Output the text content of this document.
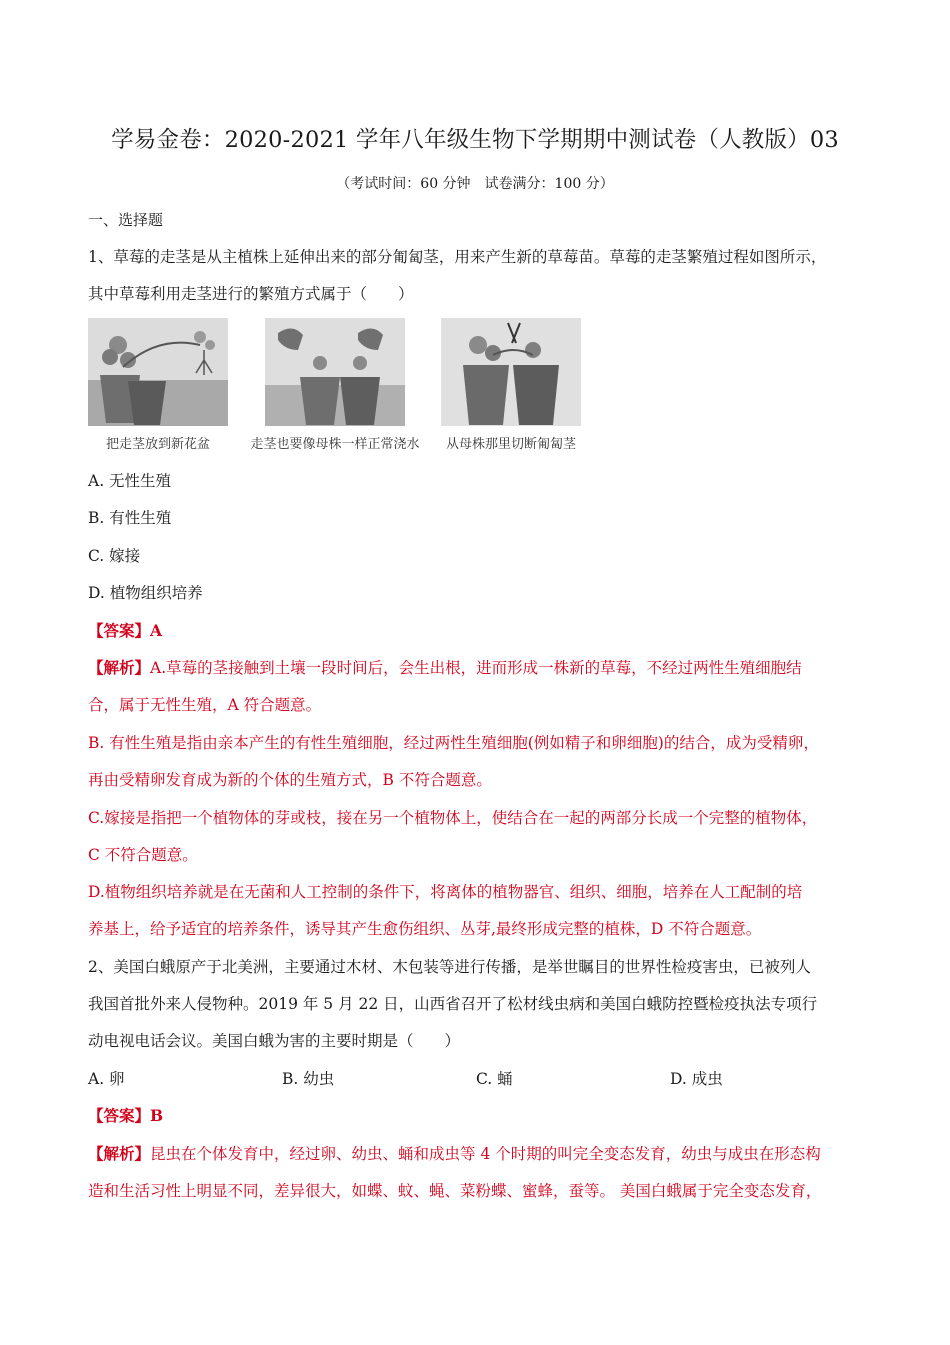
学易金卷：2020-2021 学年八年级生物下学期期中测试卷（人教版）03
（考试时间：60 分钟　试卷满分：100 分）
一、选择题
1、草莓的走茎是从主植株上延伸出来的部分匍匐茎，用来产生新的草莓苗。草莓的走茎繁殖过程如图所示，
其中草莓利用走茎进行的繁殖方式属于（　　）
把走茎放到新花盆	走茎也要像母株一样正常浇水 从母株那里切断匍匐茎
A. 无性生殖
B. 有性生殖
C. 嫁接
D. 植物组织培养
【答案】A
【解析】A.草莓的茎接触到土壤一段时间后，会生出根，进而形成一株新的草莓，不经过两性生殖细胞结
合，属于无性生殖，A 符合题意。
B. 有性生殖是指由亲本产生的有性生殖细胞，经过两性生殖细胞(例如精子和卵细胞)的结合，成为受精卵，
再由受精卵发育成为新的个体的生殖方式，B 不符合题意。
C.嫁接是指把一个植物体的芽或枝，接在另一个植物体上，使结合在一起的两部分长成一个完整的植物体，
C 不符合题意。
D.植物组织培养就是在无菌和人工控制的条件下，将离体的植物器官、组织、细胞，培养在人工配制的培
养基上，给予适宜的培养条件，诱导其产生愈伤组织、丛芽,最终形成完整的植株，D 不符合题意。
2、美国白蛾原产于北美洲，主要通过木材、木包装等进行传播，是举世瞩目的世界性检疫害虫，已被列人
我国首批外来人侵物种。2019 年 5 月 22 日，山西省召开了松材线虫病和美国白蛾防控暨检疫执法专项行
动电视电话会议。美国白蛾为害的主要时期是（　　）
A. 卵	B. 幼虫	C. 蛹	D. 成虫
【答案】B
【解析】昆虫在个体发育中，经过卵、幼虫、蛹和成虫等 4 个时期的叫完全变态发育，幼虫与成虫在形态构
造和生活习性上明显不同，差异很大，如蝶、蚊、蝇、菜粉蝶、蜜蜂，蚕等。 美国白蛾属于完全变态发育，
